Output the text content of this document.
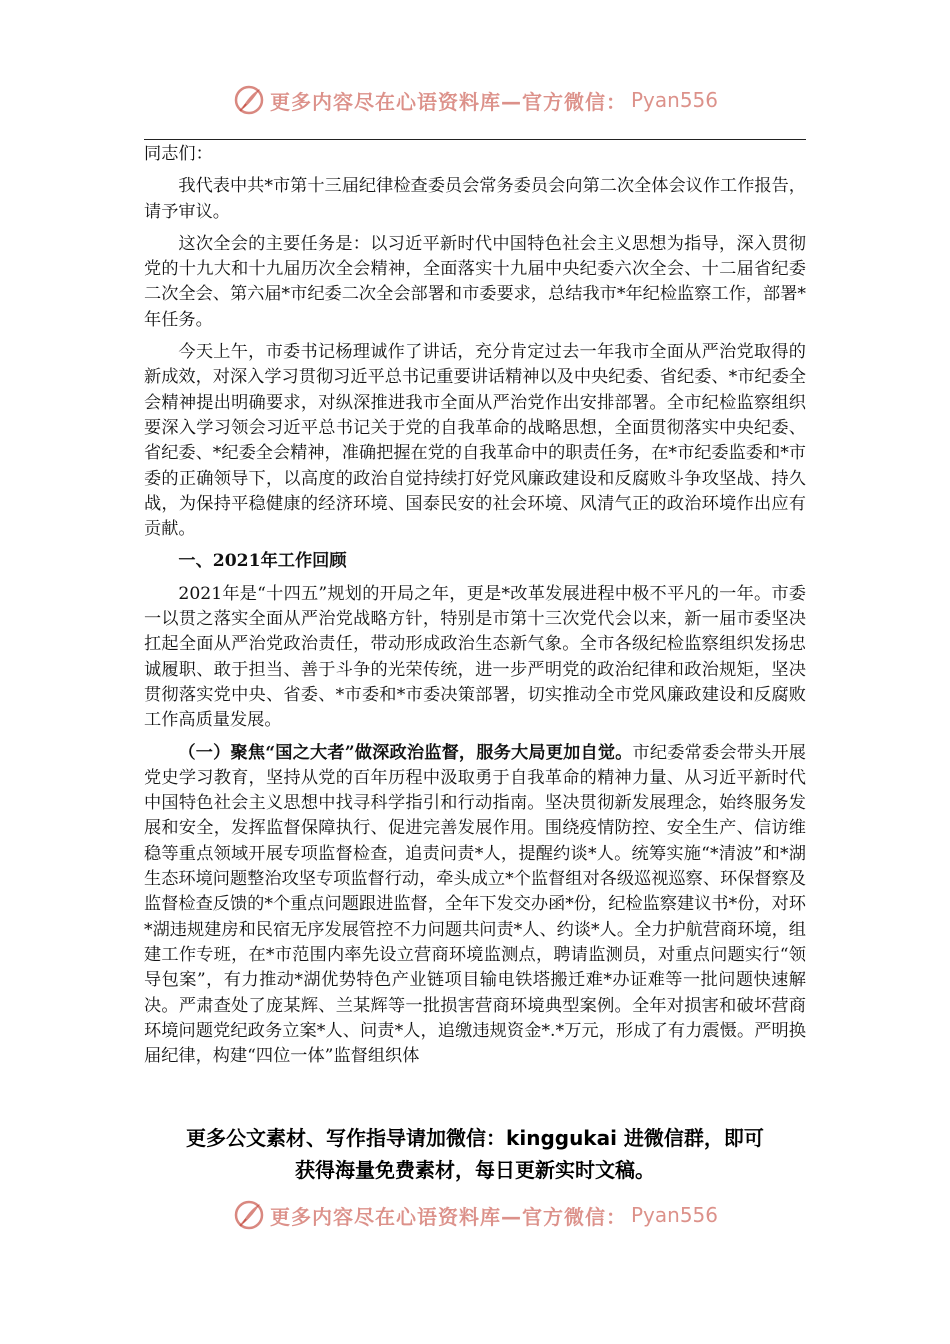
更多内容尽在心语资料库—官方微信： Pyan556

同志们：

我代表中共*市第十三届纪律检查委员会常务委员会向第二次全体会议作工作报告，请予审议。

这次全会的主要任务是：以习近平新时代中国特色社会主义思想为指导，深入贯彻党的十九大和十九届历次全会精神，全面落实十九届中央纪委六次全会、十二届省纪委二次全会、第六届*市纪委二次全会部署和市委要求，总结我市*年纪检监察工作，部署*年任务。

今天上午，市委书记杨理诚作了讲话，充分肯定过去一年我市全面从严治党取得的新成效，对深入学习贯彻习近平总书记重要讲话精神以及中央纪委、省纪委、*市纪委全会精神提出明确要求，对纵深推进我市全面从严治党作出安排部署。全市纪检监察组织要深入学习领会习近平总书记关于党的自我革命的战略思想，全面贯彻落实中央纪委、省纪委、*纪委全会精神，准确把握在党的自我革命中的职责任务，在*市纪委监委和*市委的正确领导下，以高度的政治自觉持续打好党风廉政建设和反腐败斗争攻坚战、持久战，为保持平稳健康的经济环境、国泰民安的社会环境、风清气正的政治环境作出应有贡献。

一、2021年工作回顾

2021年是“十四五”规划的开局之年，更是*改革发展进程中极不平凡的一年。市委一以贯之落实全面从严治党战略方针，特别是市第十三次党代会以来，新一届市委坚决扛起全面从严治党政治责任，带动形成政治生态新气象。全市各级纪检监察组织发扬忠诚履职、敢于担当、善于斗争的光荣传统，进一步严明党的政治纪律和政治规矩，坚决贯彻落实党中央、省委、*市委和*市委决策部署，切实推动全市党风廉政建设和反腐败工作高质量发展。

（一）聚焦“国之大者”做深政治监督，服务大局更加自觉。市纪委常委会带头开展党史学习教育，坚持从党的百年历程中汲取勇于自我革命的精神力量、从习近平新时代中国特色社会主义思想中找寻科学指引和行动指南。坚决贯彻新发展理念，始终服务发展和安全，发挥监督保障执行、促进完善发展作用。围绕疫情防控、安全生产、信访维稳等重点领域开展专项监督检查，追责问责*人，提醒约谈*人。统筹实施“*清波”和*湖生态环境问题整治攻坚专项监督行动，牵头成立*个监督组对各级巡视巡察、环保督察及监督检查反馈的*个重点问题跟进监督，全年下发交办函*份，纪检监察建议书*份，对环*湖违规建房和民宿无序发展管控不力问题共问责*人、约谈*人。全力护航营商环境，组建工作专班，在*市范围内率先设立营商环境监测点，聘请监测员，对重点问题实行“领导包案”，有力推动*湖优势特色产业链项目输电铁塔搬迁难*办证难等一批问题快速解决。严肃查处了庞某辉、兰某辉等一批损害营商环境典型案例。全年对损害和破坏营商环境问题党纪政务立案*人、问责*人，追缴违规资金*.*万元，形成了有力震慑。严明换届纪律，构建“四位一体”监督组织体

更多公文素材、写作指导请加微信：kinggukai 进微信群，即可
获得海量免费素材，每日更新实时文稿。
更多内容尽在心语资料库—官方微信： Pyan556
